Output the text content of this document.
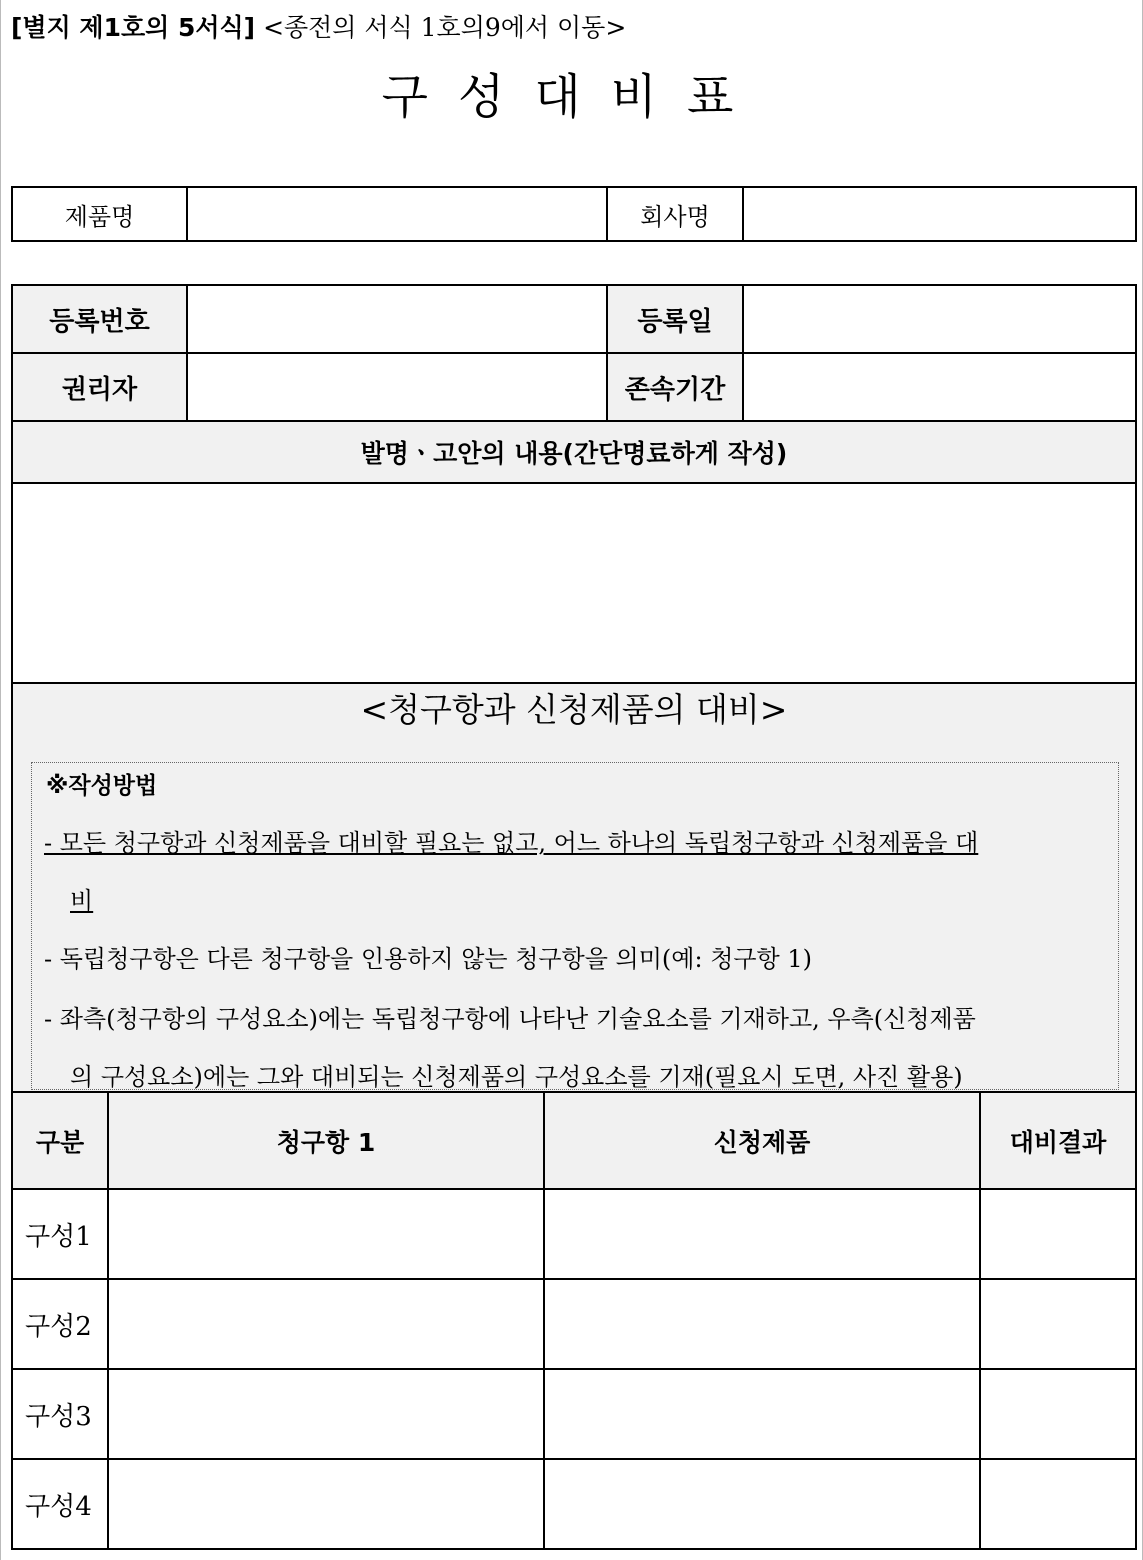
[별지 제1호의 5서식] <종전의 서식 1호의9에서 이동>
구성대비표
제품명		회사명	
등록번호		등록일	
권리자		존속기간	
발명ㆍ고안의 내용(간단명료하게 작성)			

<청구항과 신청제품의 대비>
※작성방법
- 모든 청구항과 신청제품을 대비할 필요는 없고, 어느 하나의 독립청구항과 신청제품을 대
비
- 독립청구항은 다른 청구항을 인용하지 않는 청구항을 의미(예: 청구항 1)
- 좌측(청구항의 구성요소)에는 독립청구항에 나타난 기술요소를 기재하고, 우측(신청제품
의 구성요소)에는 그와 대비되는 신청제품의 구성요소를 기재(필요시 도면, 사진 활용)
구분	청구항 1	신청제품	대비결과
구성1			
구성2			
구성3			
구성4			
